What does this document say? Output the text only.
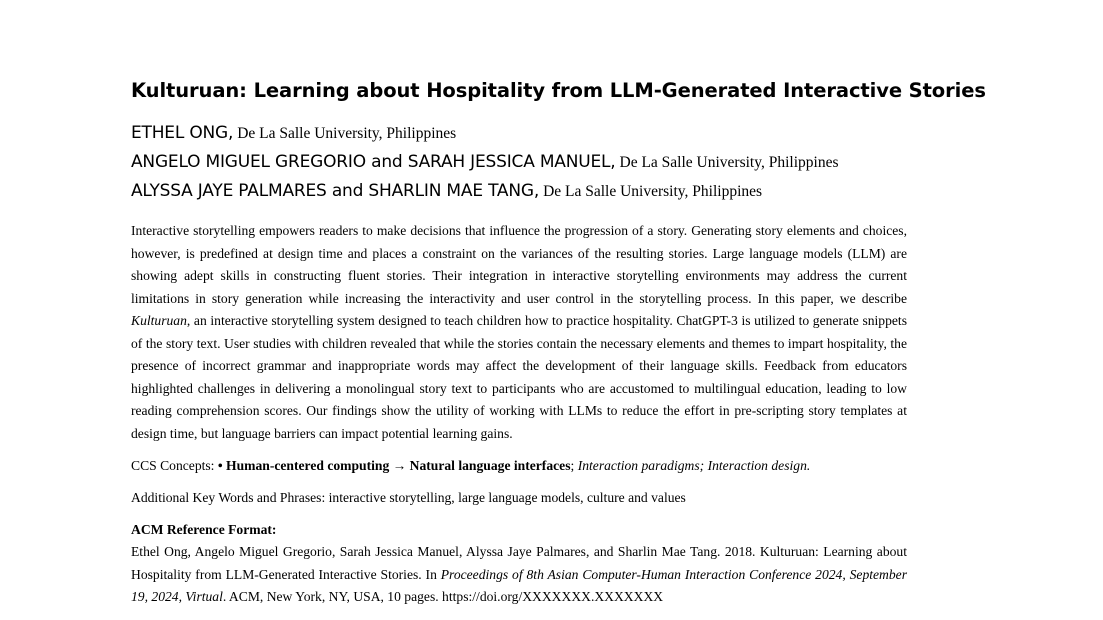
Kulturuan: Learning about Hospitality from LLM-Generated Interactive Stories
ETHEL ONG, De La Salle University, Philippines
ANGELO MIGUEL GREGORIO and SARAH JESSICA MANUEL, De La Salle University, Philippines
ALYSSA JAYE PALMARES and SHARLIN MAE TANG, De La Salle University, Philippines
Interactive storytelling empowers readers to make decisions that influence the progression of a story. Generating story elements and choices, however, is predefined at design time and places a constraint on the variances of the resulting stories. Large language models (LLM) are showing adept skills in constructing fluent stories. Their integration in interactive storytelling environments may address the current limitations in story generation while increasing the interactivity and user control in the storytelling process. In this paper, we describe Kulturuan, an interactive storytelling system designed to teach children how to practice hospitality. ChatGPT-3 is utilized to generate snippets of the story text. User studies with children revealed that while the stories contain the necessary elements and themes to impart hospitality, the presence of incorrect grammar and inappropriate words may affect the development of their language skills. Feedback from educators highlighted challenges in delivering a monolingual story text to participants who are accustomed to multilingual education, leading to low reading comprehension scores. Our findings show the utility of working with LLMs to reduce the effort in pre-scripting story templates at design time, but language barriers can impact potential learning gains.
CCS Concepts: • Human-centered computing → Natural language interfaces; Interaction paradigms; Interaction design.
Additional Key Words and Phrases: interactive storytelling, large language models, culture and values
ACM Reference Format:
Ethel Ong, Angelo Miguel Gregorio, Sarah Jessica Manuel, Alyssa Jaye Palmares, and Sharlin Mae Tang. 2018. Kulturuan: Learning about Hospitality from LLM-Generated Interactive Stories. In Proceedings of 8th Asian Computer-Human Interaction Conference 2024, September 19, 2024, Virtual. ACM, New York, NY, USA, 10 pages. https://doi.org/XXXXXXX.XXXXXXX
